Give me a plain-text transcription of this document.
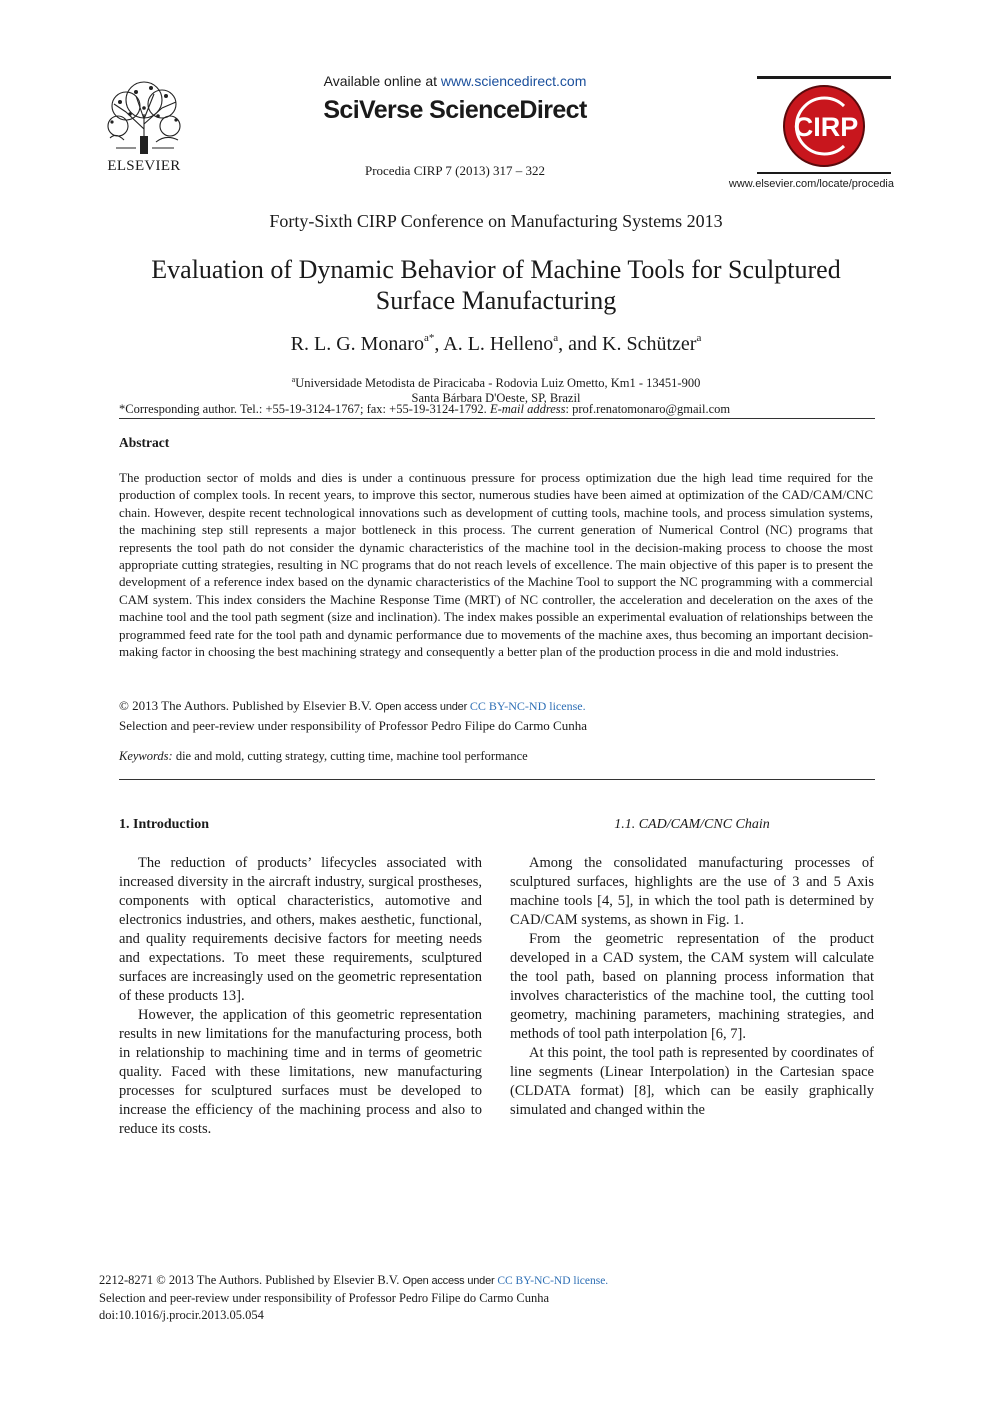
ELSEVIER
Available online at www.sciencedirect.com
SciVerse ScienceDirect
Procedia CIRP 7 (2013) 317 – 322
CIRP
www.elsevier.com/locate/procedia
Forty-Sixth CIRP Conference on Manufacturing Systems 2013
Evaluation of Dynamic Behavior of Machine Tools for Sculptured Surface Manufacturing
R. L. G. Monaro$^{a*}$, A. L. Helleno$^a$, and K. Schützer$^a$
$^a$Universidade Metodista de Piracicaba - Rodovia Luiz Ometto, Km1 - 13451-900
Santa Bárbara D'Oeste, SP, Brazil
*Corresponding author. Tel.: +55-19-3124-1767; fax: +55-19-3124-1792. E-mail address: prof.renatomonaro@gmail.com
Abstract
The production sector of molds and dies is under a continuous pressure for process optimization due the high lead time required for the production of complex tools. In recent years, to improve this sector, numerous studies have been aimed at optimization of the CAD/CAM/CNC chain. However, despite recent technological innovations such as development of cutting tools, machine tools, and process simulation systems, the machining step still represents a major bottleneck in this process. The current generation of Numerical Control (NC) programs that represents the tool path do not consider the dynamic characteristics of the machine tool in the decision-making process to choose the most appropriate cutting strategies, resulting in NC programs that do not reach levels of excellence. The main objective of this paper is to present the development of a reference index based on the dynamic characteristics of the Machine Tool to support the NC programming with a commercial CAM system. This index considers the Machine Response Time (MRT) of NC controller, the acceleration and deceleration on the axes of the machine tool and the tool path segment (size and inclination). The index makes possible an experimental evaluation of relationships between the programmed feed rate for the tool path and dynamic performance due to movements of the machine axes, thus becoming an important decision-making factor in choosing the best machining strategy and consequently a better plan of the production process in die and mold industries.
© 2013 The Authors. Published by Elsevier B.V. Open access under CC BY-NC-ND license.
Selection and peer-review under responsibility of Professor Pedro Filipe do Carmo Cunha
Keywords: die and mold, cutting strategy, cutting time, machine tool performance
1. Introduction	1.1. CAD/CAM/CNC Chain

The reduction of products’ lifecycles associated with increased diversity in the aircraft industry, surgical prostheses, components with optical characteristics, automotive and electronics industries, and others, makes aesthetic, functional, and quality requirements decisive factors for meeting needs and expectations. To meet these requirements, sculptured surfaces are increasingly used on the geometric representation of these products 13].

However, the application of this geometric representation results in new limitations for the manufacturing process, both in relationship to machining time and in terms of geometric quality. Faced with these limitations, new manufacturing processes for sculptured surfaces must be developed to increase the efficiency of the machining process and also to reduce its costs.

Among the consolidated manufacturing processes of sculptured surfaces, highlights are the use of 3 and 5 Axis machine tools [4, 5], in which the tool path is determined by CAD/CAM systems, as shown in Fig. 1.

From the geometric representation of the product developed in a CAD system, the CAM system will calculate the tool path, based on planning process information that involves characteristics of the machine tool, the cutting tool geometry, machining parameters, machining strategies, and methods of tool path interpolation [6, 7].

At this point, the tool path is represented by coordinates of line segments (Linear Interpolation) in the Cartesian space (CLDATA format) [8], which can be easily graphically simulated and changed within the

2212-8271 © 2013 The Authors. Published by Elsevier B.V. Open access under CC BY-NC-ND license.
Selection and peer-review under responsibility of Professor Pedro Filipe do Carmo Cunha
doi:10.1016/j.procir.2013.05.054
